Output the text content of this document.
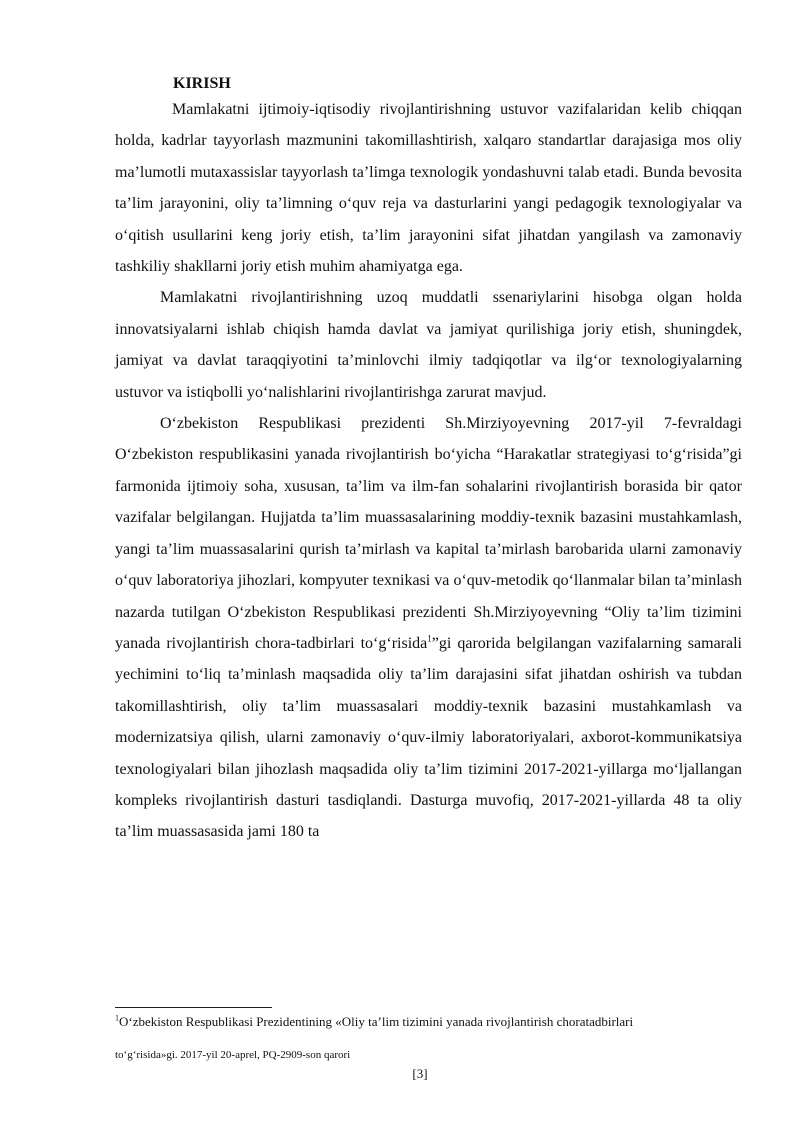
KIRISH

Mamlakatni ijtimoiy-iqtisodiy rivojlantirishning ustuvor vazifalaridan kelib chiqqan holda, kadrlar tayyorlash mazmunini takomillashtirish, xalqaro standartlar darajasiga mos oliy ma’lumotli mutaxassislar tayyorlash ta’limga texnologik yondashuvni talab etadi. Bunda bevosita ta’lim jarayonini, oliy ta’limning o‘quv reja va dasturlarini yangi pedagogik texnologiyalar va o‘qitish usullarini keng joriy etish, ta’lim jarayonini sifat jihatdan yangilash va zamonaviy tashkiliy shakllarni joriy etish muhim ahamiyatga ega.

Mamlakatni rivojlantirishning uzoq muddatli ssenariylarini hisobga olgan holda innovatsiyalarni ishlab chiqish hamda davlat va jamiyat qurilishiga joriy etish, shuningdek, jamiyat va davlat taraqqiyotini ta’minlovchi ilmiy tadqiqotlar va ilg‘or texnologiyalarning ustuvor va istiqbolli yo‘nalishlarini rivojlantirishga zarurat mavjud.

O‘zbekiston Respublikasi prezidenti Sh.Mirziyoyevning 2017-yil 7-fevraldagi O‘zbekiston respublikasini yanada rivojlantirish bo‘yicha “Harakatlar strategiyasi to‘g‘risida”gi farmonida ijtimoiy soha, xususan, ta’lim va ilm-fan sohalarini rivojlantirish borasida bir qator vazifalar belgilangan. Hujjatda ta’lim muassasalarining moddiy-texnik bazasini mustahkamlash, yangi ta’lim muassasalarini qurish ta’mirlash va kapital ta’mirlash barobarida ularni zamonaviy o‘quv laboratoriya jihozlari, kompyuter texnikasi va o‘quv-metodik qo‘llanmalar bilan ta’minlash nazarda tutilgan O‘zbekiston Respublikasi prezidenti Sh.Mirziyoyevning “Oliy ta’lim tizimini yanada rivojlantirish chora-tadbirlari to‘g‘risida$^1$”gi qarorida belgilangan vazifalarning samarali yechimini to‘liq ta’minlash maqsadida oliy ta’lim darajasini sifat jihatdan oshirish va tubdan takomillashtirish, oliy ta’lim muassasalari moddiy-texnik bazasini mustahkamlash va modernizatsiya qilish, ularni zamonaviy o‘quv-ilmiy laboratoriyalari, axborot-kommunikatsiya texnologiyalari bilan jihozlash maqsadida oliy ta’lim tizimini 2017-2021-yillarga mo‘ljallangan kompleks rivojlantirish dasturi tasdiqlandi. Dasturga muvofiq, 2017-2021-yillarda 48 ta oliy ta’lim muassasasida jami 180 ta

$^1$O‘zbekiston Respublikasi Prezidentining «Oliy ta’lim tizimini yanada rivojlantirish choratadbirlari
to‘g‘risida»gi. 2017-yil 20-aprel, PQ-2909-son qarori
[3]
